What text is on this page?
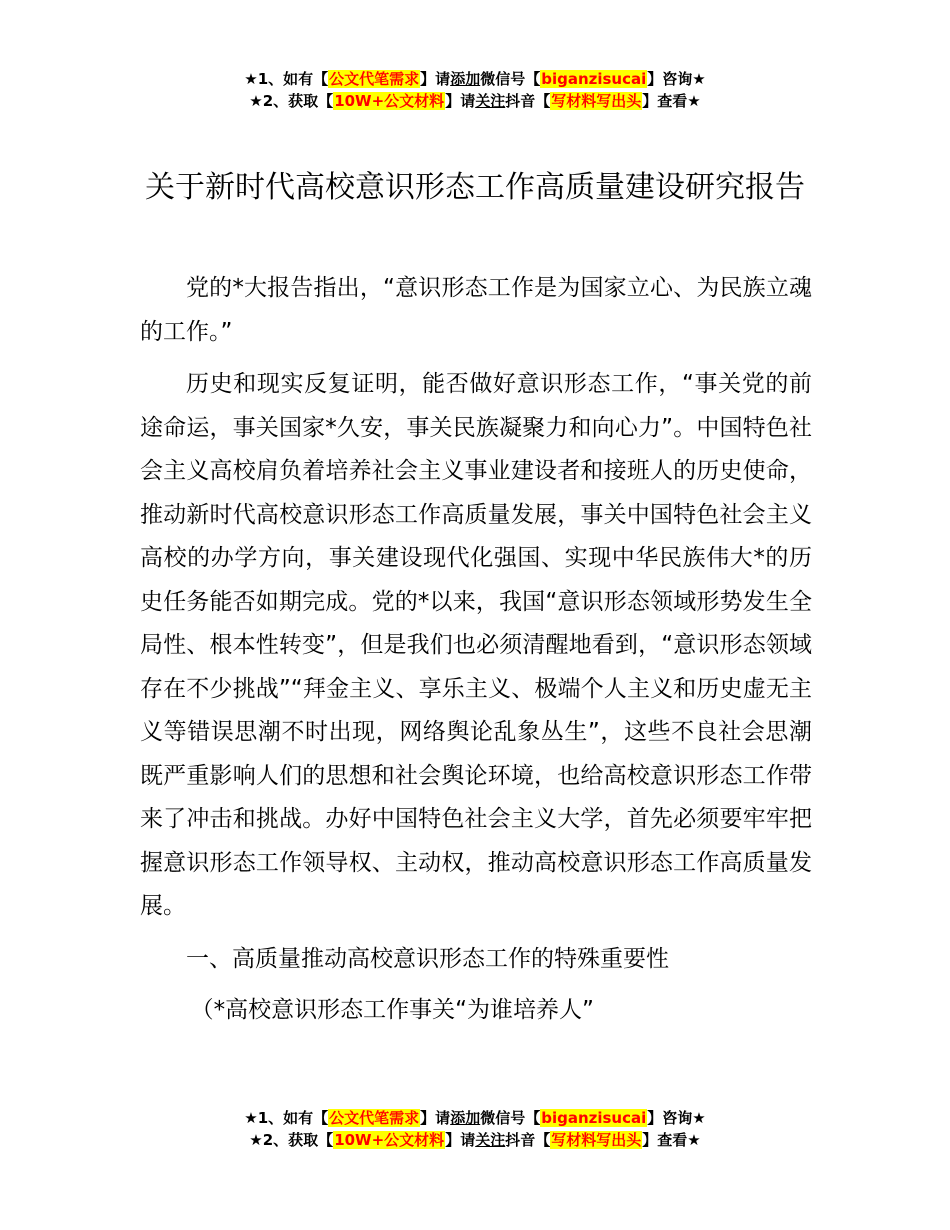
★1、如有【公文代笔需求】请添加微信号【biganzisucai】咨询★
★2、获取【10W+公文材料】请关注抖音【写材料写出头】查看★
关于新时代高校意识形态工作高质量建设研究报告

党的*大报告指出，“意识形态工作是为国家立心、为民族立魂的工作。”

历史和现实反复证明，能否做好意识形态工作，“事关党的前途命运，事关国家*久安，事关民族凝聚力和向心力”。中国特色社会主义高校肩负着培养社会主义事业建设者和接班人的历史使命，推动新时代高校意识形态工作高质量发展，事关中国特色社会主义高校的办学方向，事关建设现代化强国、实现中华民族伟大*的历史任务能否如期完成。党的*以来，我国“意识形态领域形势发生全局性、根本性转变”，但是我们也必须清醒地看到，“意识形态领域存在不少挑战”“拜金主义、享乐主义、极端个人主义和历史虚无主义等错误思潮不时出现，网络舆论乱象丛生”，这些不良社会思潮既严重影响人们的思想和社会舆论环境，也给高校意识形态工作带来了冲击和挑战。办好中国特色社会主义大学，首先必须要牢牢把握意识形态工作领导权、主动权，推动高校意识形态工作高质量发展。

一、高质量推动高校意识形态工作的特殊重要性

（*高校意识形态工作事关“为谁培养人”

★1、如有【公文代笔需求】请添加微信号【biganzisucai】咨询★
★2、获取【10W+公文材料】请关注抖音【写材料写出头】查看★
